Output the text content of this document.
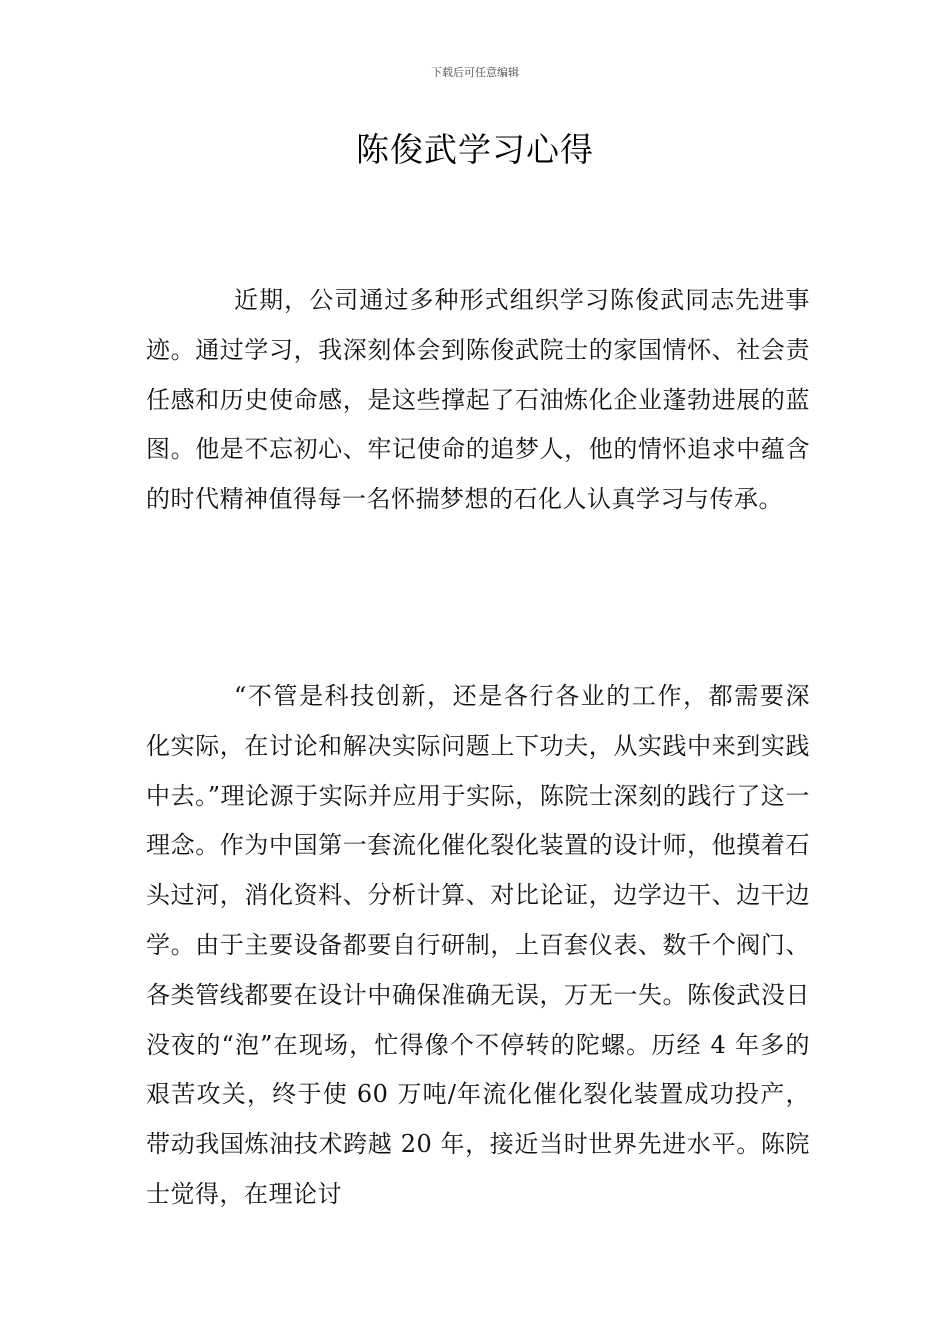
下载后可任意编辑
陈俊武学习心得

近期，公司通过多种形式组织学习陈俊武同志先进事迹。通过学习，我深刻体会到陈俊武院士的家国情怀、社会责任感和历史使命感，是这些撑起了石油炼化企业蓬勃进展的蓝图。他是不忘初心、牢记使命的追梦人，他的情怀追求中蕴含的时代精神值得每一名怀揣梦想的石化人认真学习与传承。

“不管是科技创新，还是各行各业的工作，都需要深化实际，在讨论和解决实际问题上下功夫，从实践中来到实践中去。”理论源于实际并应用于实际，陈院士深刻的践行了这一理念。作为中国第一套流化催化裂化装置的设计师，他摸着石头过河，消化资料、分析计算、对比论证，边学边干、边干边学。由于主要设备都要自行研制，上百套仪表、数千个阀门、各类管线都要在设计中确保准确无误，万无一失。陈俊武没日没夜的“泡”在现场，忙得像个不停转的陀螺。历经 4 年多的艰苦攻关，终于使 60 万吨/年流化催化裂化装置成功投产，带动我国炼油技术跨越 20 年，接近当时世界先进水平。陈院士觉得，在理论讨
